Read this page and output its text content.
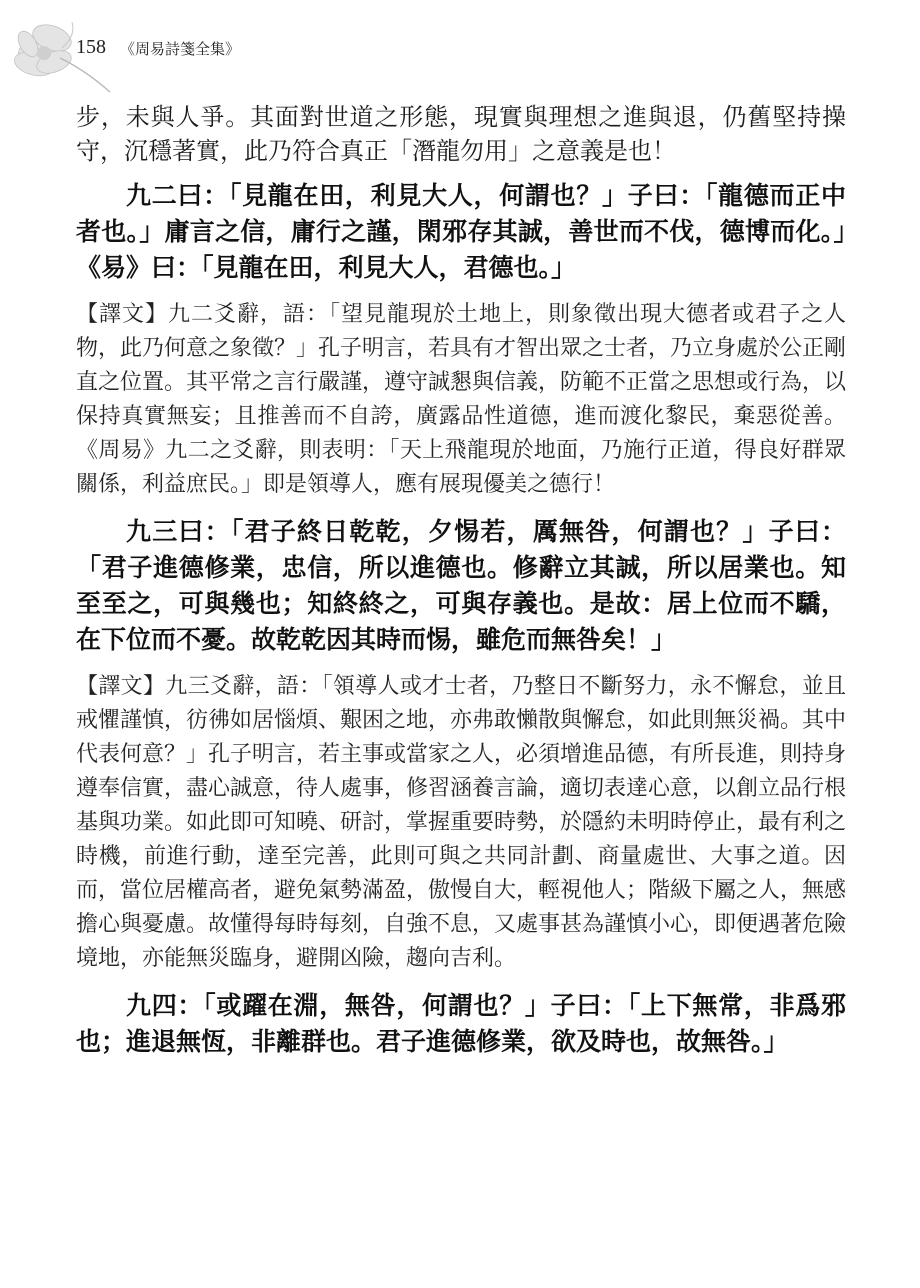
158 《周易詩箋全集》

步，未與人爭。其面對世道之形態，現實與理想之進與退，仍舊堅持操守，沉穩著實，此乃符合真正「潛龍勿用」之意義是也！

九二曰：「見龍在田，利見大人，何謂也？」子曰：「龍德而正中者也。」庸言之信，庸行之謹，閑邪存其誠，善世而不伐，德博而化。」《易》曰：「見龍在田，利見大人，君德也。」

【譯文】九二爻辭，語：「望見龍現於土地上，則象徵出現大德者或君子之人物，此乃何意之象徵？」孔子明言，若具有才智出眾之士者，乃立身處於公正剛直之位置。其平常之言行嚴謹，遵守誠懇與信義，防範不正當之思想或行為，以保持真實無妄；且推善而不自誇，廣露品性道德，進而渡化黎民，棄惡從善。《周易》九二之爻辭，則表明：「天上飛龍現於地面，乃施行正道，得良好群眾關係，利益庶民。」即是領導人，應有展現優美之德行！

九三曰：「君子終日乾乾，夕惕若，厲無咎，何謂也？」子曰：「君子進德修業，忠信，所以進德也。修辭立其誠，所以居業也。知至至之，可與幾也；知終終之，可與存義也。是故：居上位而不驕，在下位而不憂。故乾乾因其時而惕，雖危而無咎矣！」

【譯文】九三爻辭，語：「領導人或才士者，乃整日不斷努力，永不懈怠，並且戒懼謹慎，彷彿如居惱煩、艱困之地，亦弗敢懶散與懈怠，如此則無災禍。其中代表何意？」孔子明言，若主事或當家之人，必須增進品德，有所長進，則持身遵奉信實，盡心誠意，待人處事，修習涵養言論，適切表達心意，以創立品行根基與功業。如此即可知曉、研討，掌握重要時勢，於隱約未明時停止，最有利之時機，前進行動，達至完善，此則可與之共同計劃、商量處世、大事之道。因而，當位居權高者，避免氣勢滿盈，傲慢自大，輕視他人；階級下屬之人，無感擔心與憂慮。故懂得每時每刻，自強不息，又處事甚為謹慎小心，即便遇著危險境地，亦能無災臨身，避開凶險，趨向吉利。

九四：「或躍在淵，無咎，何謂也？」子曰：「上下無常，非爲邪也；進退無恆，非離群也。君子進德修業，欲及時也，故無咎。」
